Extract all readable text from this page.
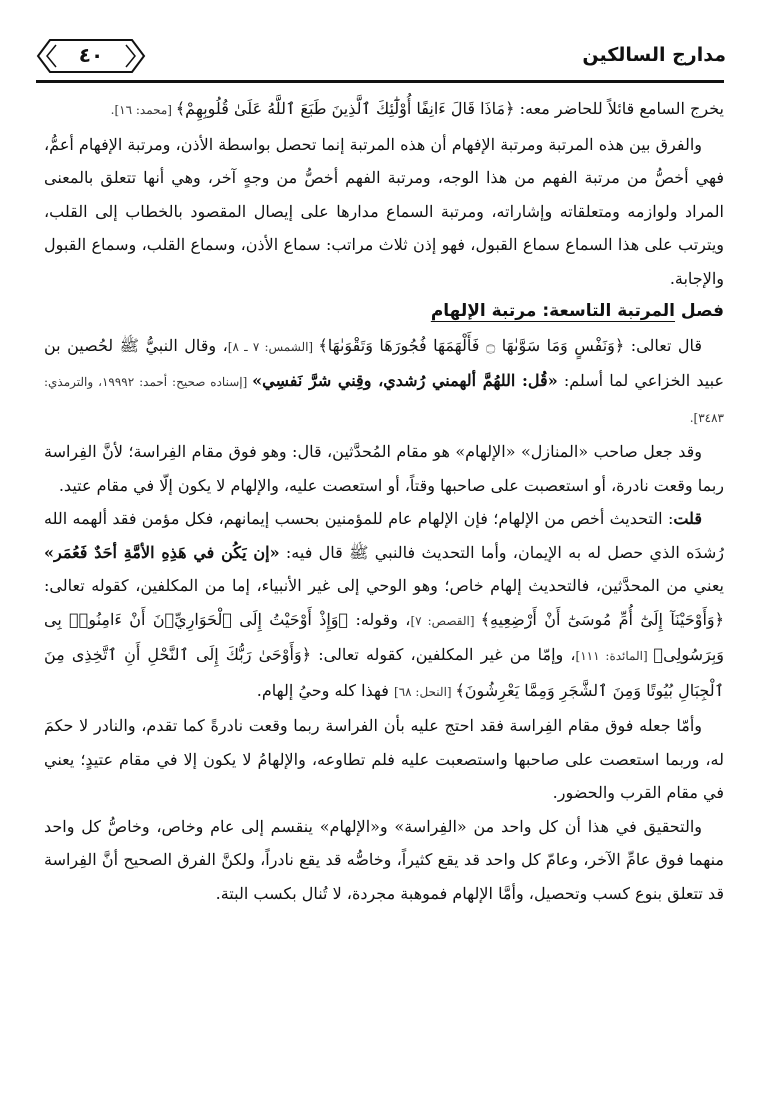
مدارج السالكين
٤٠

يخرج السامع قائلاً للحاضر معه: ﴿مَاذَا قَالَ ءَانِفًا أُوْلَٰٓئِكَ ٱلَّذِينَ طَبَعَ ٱللَّهُ عَلَىٰ قُلُوبِهِمْ﴾ [محمد: ١٦].

والفرق بين هذه المرتبة ومرتبة الإفهام أن هذه المرتبة إنما تحصل بواسطة الأذن، ومرتبة الإفهام أعمُّ، فهي أخصُّ من مرتبة الفهم من هذا الوجه، ومرتبة الفهم أخصُّ من وجهٍ آخر، وهي أنها تتعلق بالمعنى المراد ولوازمه ومتعلقاته وإشاراته، ومرتبة السماع مدارها على إيصال المقصود بالخطاب إلى القلب، ويترتب على هذا السماع سماع القبول، فهو إذن ثلاث مراتب: سماع الأذن، وسماع القلب، وسماع القبول والإجابة.

فصل المرتبة التاسعة: مرتبة الإلهام

قال تعالى: ﴿وَنَفْسٍ وَمَا سَوَّىٰهَا ۝ فَأَلْهَمَهَا فُجُورَهَا وَتَقْوَىٰهَا﴾ [الشمس: ٧ ـ ٨]، وقال النبيُّ ﷺ لحُصين بن عبيد الخزاعي لما أسلم: «قُل: اللهُمَّ ألهمني رُشدي، وقِني شرَّ نَفسِي» [إسناده صحيح: أحمد: ١٩٩٩٢، والترمذي: ٣٤٨٣].

وقد جعل صاحب «المنازل» «الإلهام» هو مقام المُحدَّثين، قال: وهو فوق مقام الفِراسة؛ لأنَّ الفِراسة ربما وقعت نادرة، أو استعصبت على صاحبها وقتاً، أو استعصت عليه، والإلهام لا يكون إلّا في مقام عتيد.

قلت: التحديث أخص من الإلهام؛ فإن الإلهام عام للمؤمنين بحسب إيمانهم، فكل مؤمن فقد ألهمه الله رُشدَه الذي حصل له به الإيمان، وأما التحديث فالنبي ﷺ قال فيه: «إن يَكُن في هَذِهِ الأمَّةِ أحَدٌ فَعُمَر» يعني من المحدَّثين، فالتحديث إلهام خاص؛ وهو الوحي إلى غير الأنبياء، إما من المكلفين، كقوله تعالى: ﴿وَأَوْحَيْنَآ إِلَىٰٓ أُمِّ مُوسَىٰٓ أَنْ أَرْضِعِيهِ﴾ [القصص: ٧]، وقوله: ﴿وَإِذْ أَوْحَيْتُ إِلَى ٱلْحَوَارِيِّۦنَ أَنْ ءَامِنُوا۟ بِى وَبِرَسُولِى﴾ [المائدة: ١١١]، وإمّا من غير المكلفين، كقوله تعالى: ﴿وَأَوْحَىٰ رَبُّكَ إِلَى ٱلنَّحْلِ أَنِ ٱتَّخِذِى مِنَ ٱلْجِبَالِ بُيُوتًا وَمِنَ ٱلشَّجَرِ وَمِمَّا يَعْرِشُونَ﴾ [النحل: ٦٨] فهذا كله وحيُ إلهام.

وأمّا جعله فوق مقام الفِراسة فقد احتج عليه بأن الفراسة ربما وقعت نادرةً كما تقدم، والنادر لا حكمَ له، وربما استعصت على صاحبها واستصعبت عليه فلم تطاوعه، والإلهامُ لا يكون إلا في مقام عتيدٍ؛ يعني في مقام القرب والحضور.

والتحقيق في هذا أن كل واحد من «الفِراسة» و«الإلهام» ينقسم إلى عام وخاص، وخاصُّ كل واحد منهما فوق عامِّ الآخر، وعامّ كل واحد قد يقع كثيراً، وخاصُّه قد يقع نادراً، ولكنَّ الفرق الصحيح أنَّ الفِراسة قد تتعلق بنوع كسب وتحصيل، وأمَّا الإلهام فموهبة مجردة، لا تُنال بكسب البتة.
